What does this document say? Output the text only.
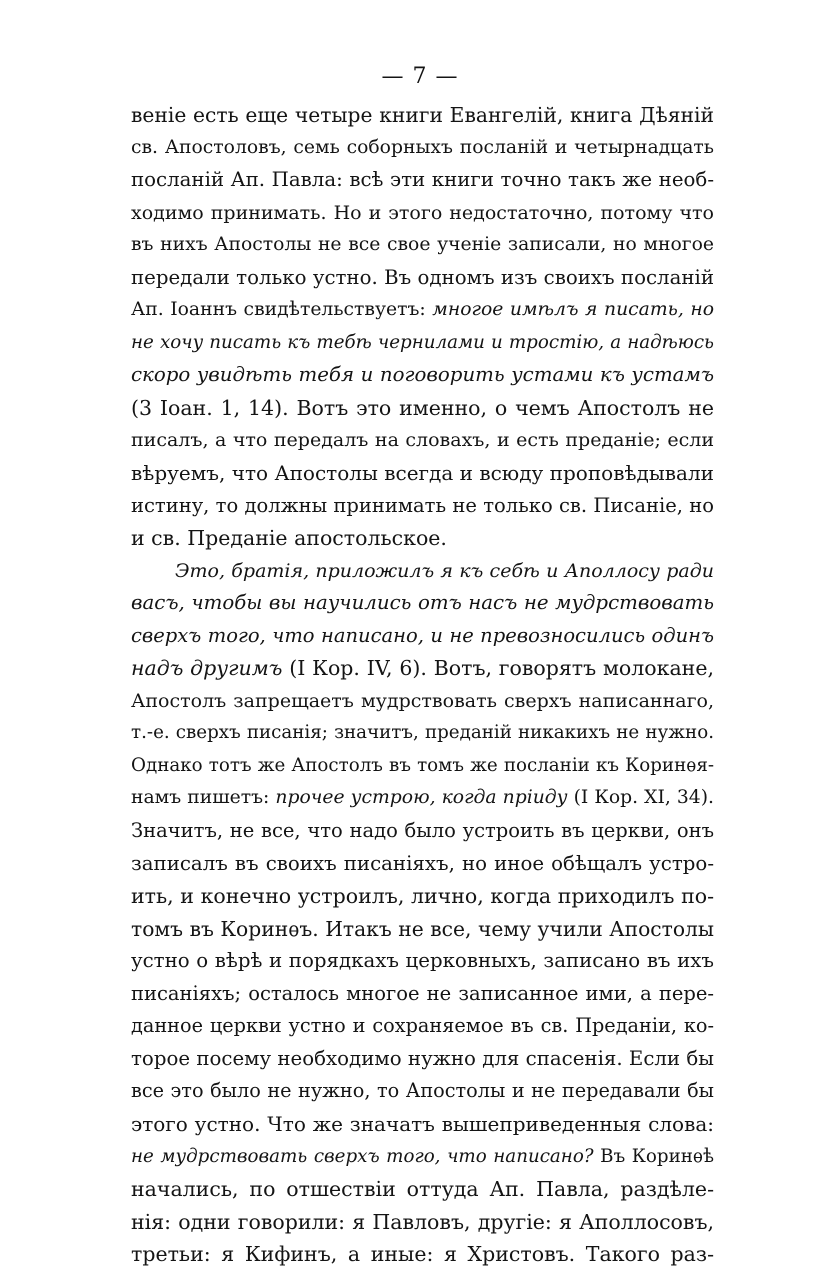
— 7 —
веніе есть еще четыре книги Евангелій, книга Дѣяній
св. Апостоловъ, семь соборныхъ посланій и четырнадцать
посланій Ап. Павла: всѣ эти книги точно такъ же необ-
ходимо принимать. Но и этого недостаточно, потому что
въ нихъ Апостолы не все свое ученіе записали, но многое
передали только устно. Въ одномъ изъ своихъ посланій
Ап. Іоаннъ свидѣтельствуетъ: многое имѣлъ я писать, но
не хочу писать къ тебѣ чернилами и тростію, а надѣюсь
скоро увидѣть тебя и поговорить устами къ устамъ
(3 Іоан. 1, 14). Вотъ это именно, о чемъ Апостолъ не
писалъ, а что передалъ на словахъ, и есть преданіе; если
вѣруемъ, что Апостолы всегда и всюду проповѣдывали
истину, то должны принимать не только св. Писаніе, но
и св. Преданіе апостольское.
Это, братія, приложилъ я къ себѣ и Аполлосу ради
васъ, чтобы вы научились отъ насъ не мудрствовать
сверхъ того, что написано, и не превозносились одинъ
надъ другимъ (I Кор. IV, 6). Вотъ, говорятъ молокане,
Апостолъ запрещаетъ мудрствовать сверхъ написаннаго,
т.-е. сверхъ писанія; значитъ, преданій никакихъ не нужно.
Однако тотъ же Апостолъ въ томъ же посланіи къ Коринѳя-
намъ пишетъ: прочее устрою, когда пріиду (I Кор. XI, 34).
Значитъ, не все, что надо было устроить въ церкви, онъ
записалъ въ своихъ писаніяхъ, но иное обѣщалъ устро-
ить, и конечно устроилъ, лично, когда приходилъ по-
томъ въ Коринѳъ. Итакъ не все, чему учили Апостолы
устно о вѣрѣ и порядкахъ церковныхъ, записано въ ихъ
писаніяхъ; осталось многое не записанное ими, а пере-
данное церкви устно и сохраняемое въ св. Преданіи, ко-
торое посему необходимо нужно для спасенія. Если бы
все это было не нужно, то Апостолы и не передавали бы
этого устно. Что же значатъ вышеприведенныя слова:
не мудрствовать сверхъ того, что написано? Въ Коринѳѣ
начались, по отшествіи оттуда Ап. Павла, раздѣле-
нія: одни говорили: я Павловъ, другіе: я Аполлосовъ,
третьи: я Кифинъ, а иные: я Христовъ. Такого раз-
